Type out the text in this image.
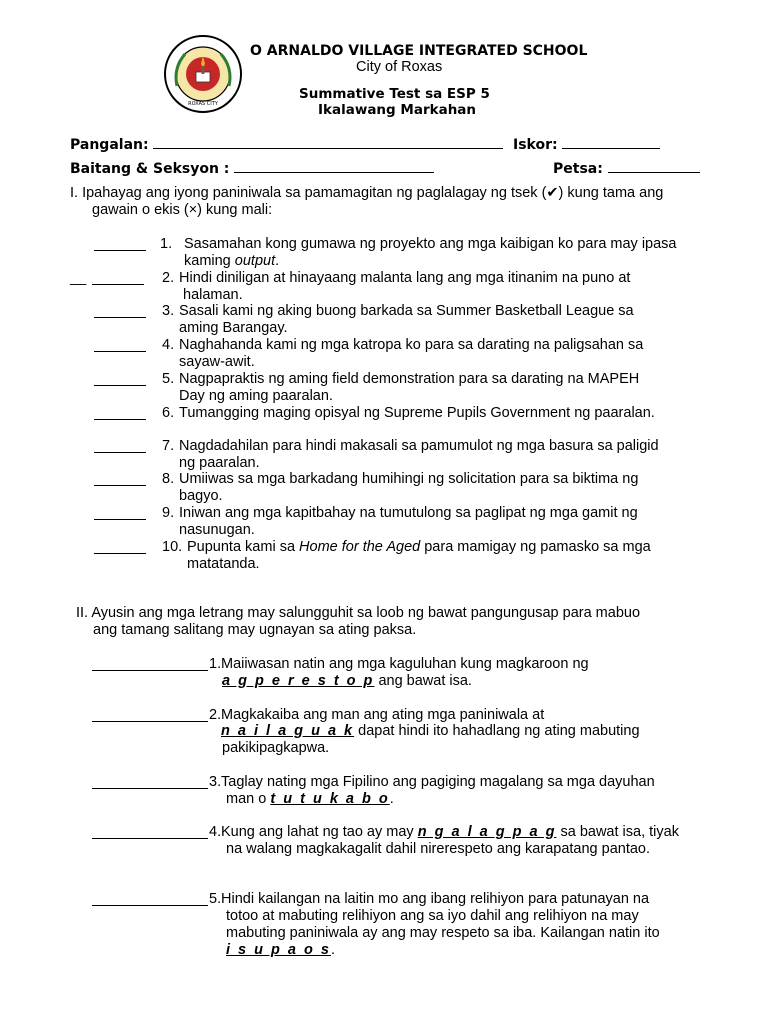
ROXAS CITY
O ARNALDO VILLAGE INTEGRATED SCHOOL
City of Roxas
Summative Test sa ESP 5
Ikalawang Markahan
Pangalan:	Iskor:
Baitang & Seksyon :	Petsa:
I. Ipahayag ang iyong paniniwala sa pamamagitan ng paglalagay ng tsek (✔) kung tama ang
gawain o ekis (×) kung mali:
1. Sasamahan kong gumawa ng proyekto ang mga kaibigan ko para may ipasa
kaming output.
__	2. Hindi diniligan at hinayaang malanta lang ang mga itinanim na puno at
halaman.
3. Sasali kami ng aking buong barkada sa Summer Basketball League sa
aming Barangay.
4. Naghahanda kami ng mga katropa ko para sa darating na paligsahan sa
sayaw-awit.
5. Nagpapraktis ng aming field demonstration para sa darating na MAPEH
Day ng aming paaralan.
6. Tumangging maging opisyal ng Supreme Pupils Government ng paaralan.
7. Nagdadahilan para hindi makasali sa pamumulot ng mga basura sa paligid
ng paaralan.
8. Umiiwas sa mga barkadang humihingi ng solicitation para sa biktima ng
bagyo.
9. Iniwan ang mga kapitbahay na tumutulong sa paglipat ng mga gamit ng
nasunugan.
10. Pupunta kami sa Home for the Aged para mamigay ng pamasko sa mga
matatanda.
II. Ayusin ang mga letrang may salungguhit sa loob ng bawat pangungusap para mabuo
ang tamang salitang may ugnayan sa ating paksa.
1. Maiiwasan natin ang mga kaguluhan kung magkaroon ng
a g p e r e s t o p ang bawat isa.
2. Magkakaiba ang man ang ating mga paniniwala at
n a i l a g u a k dapat hindi ito hahadlang ng ating mabuting
pakikipagkapwa.
3. Taglay nating mga Fipilino ang pagiging magalang sa mga dayuhan
man o t u t u k a b o.
4. Kung ang lahat ng tao ay may n g a l a g p a g sa bawat isa, tiyak
na walang magkakagalit dahil nirerespeto ang karapatang pantao.
5. Hindi kailangan na laitin mo ang ibang relihiyon para patunayan na
totoo at mabuting relihiyon ang sa iyo dahil ang relihiyon na may
mabuting paniniwala ay ang may respeto sa iba. Kailangan natin ito
i s u p a o s.
